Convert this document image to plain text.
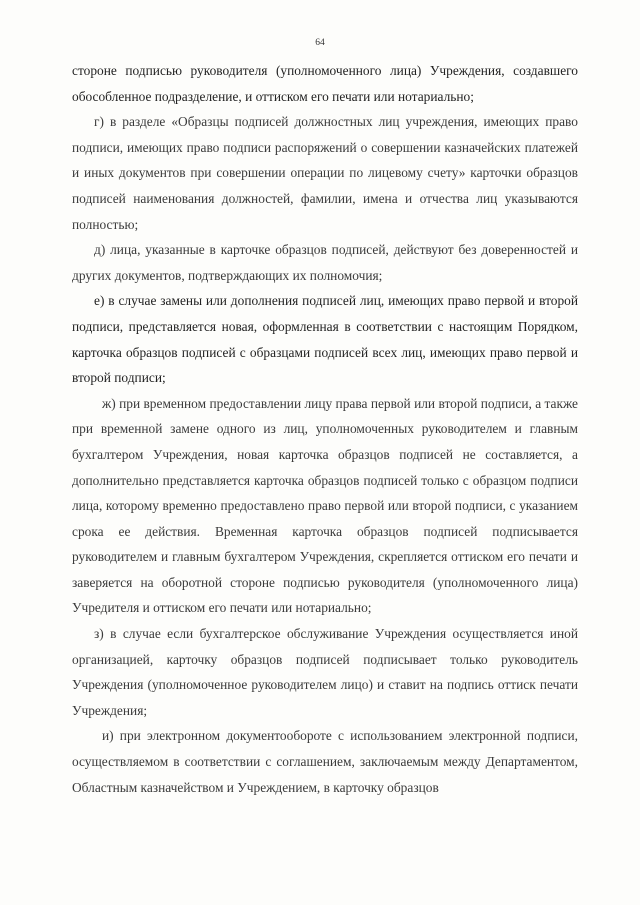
64

стороне подписью руководителя (уполномоченного лица) Учреждения, создавшего обособленное подразделение, и оттиском его печати или нотариально;

г) в разделе «Образцы подписей должностных лиц учреждения, имеющих право подписи, имеющих право подписи распоряжений о совершении казначейских платежей и иных документов при совершении операции по лицевому счету» карточки образцов подписей наименования должностей, фамилии, имена и отчества лиц указываются полностью;

д) лица, указанные в карточке образцов подписей, действуют без доверенностей и других документов, подтверждающих их полномочия;

е) в случае замены или дополнения подписей лиц, имеющих право первой и второй подписи, представляется новая, оформленная в соответствии с настоящим Порядком, карточка образцов подписей с образцами подписей всех лиц, имеющих право первой и второй подписи;

ж) при временном предоставлении лицу права первой или второй подписи, а также при временной замене одного из лиц, уполномоченных руководителем и главным бухгалтером Учреждения, новая карточка образцов подписей не составляется, а дополнительно представляется карточка образцов подписей только с образцом подписи лица, которому временно предоставлено право первой или второй подписи, с указанием срока ее действия. Временная карточка образцов подписей подписывается руководителем и главным бухгалтером Учреждения, скрепляется оттиском его печати и заверяется на оборотной стороне подписью руководителя (уполномоченного лица) Учредителя и оттиском его печати или нотариально;

з) в случае если бухгалтерское обслуживание Учреждения осуществляется иной организацией, карточку образцов подписей подписывает только руководитель Учреждения (уполномоченное руководителем лицо) и ставит на подпись оттиск печати Учреждения;

и) при электронном документообороте с использованием электронной подписи, осуществляемом в соответствии с соглашением, заключаемым между Департаментом, Областным казначейством и Учреждением, в карточку образцов
